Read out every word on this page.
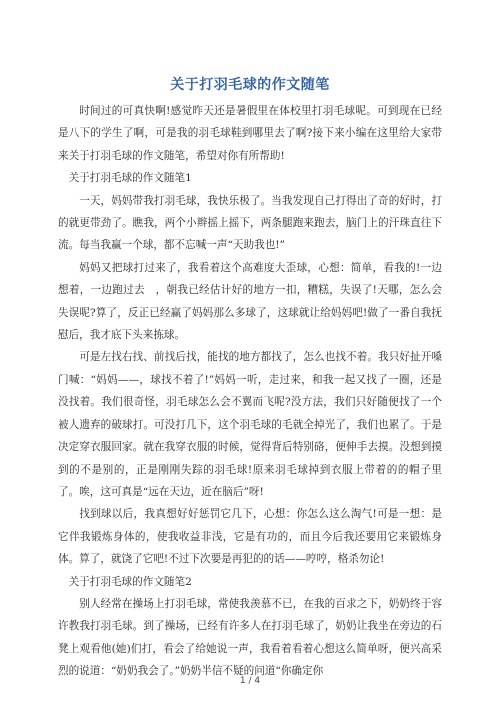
关于打羽毛球的作文随笔

时间过的可真快啊!感觉昨天还是暑假里在体校里打羽毛球呢。可到现在已经是八下的学生了啊，可是我的羽毛球鞋到哪里去了啊?接下来小编在这里给大家带来关于打羽毛球的作文随笔，希望对你有所帮助!

关于打羽毛球的作文随笔1

一天，妈妈带我打羽毛球，我快乐极了。当我发现自己打得出了奇的好时，打的就更带劲了。瞧我，两个小辫摇上摇下，两条腿跑来跑去，脑门上的汗珠直往下流。每当我赢一个球，都不忘喊一声“天助我也!”

妈妈又把球打过来了，我看着这个高难度大歪球，心想：简单，看我的!一边想着，一边跑过去　，朝我已经估计好的地方一扣，糟糕，失误了!天哪，怎么会失误呢?算了，反正已经赢了妈妈那么多球了，这球就让给妈妈吧!做了一番自我抚慰后，我才底下头来拣球。

可是左找右找、前找后找，能找的地方都找了，怎么也找不着。我只好扯开嗓门喊：“妈妈——，球找不着了!”妈妈一听，走过来，和我一起又找了一圈，还是没找着。我们很奇怪，羽毛球怎么会不翼而飞呢?没方法，我们只好随便找了一个被人遗弃的破球打。可没打几下，这个羽毛球的毛就全掉光了，我们也累了。于是决定穿衣服回家。就在我穿衣服的时候，觉得背后特别硌，便伸手去摸。没想到摸到的不是别的，正是刚刚失踪的羽毛球!原来羽毛球掉到衣服上带着的的帽子里了。唉，这可真是“远在天边，近在脑后”呀!

找到球以后，我真想好好惩罚它几下，心想：你怎么这么淘气!可是一想：是它伴我锻炼身体的，使我收益非浅，它是有功的，而且今后我还要用它来锻炼身体。算了，就饶了它吧!不过下次要是再犯的的话——哼哼，格杀勿论!

关于打羽毛球的作文随笔2

别人经常在操场上打羽毛球，常使我羡慕不已，在我的百求之下，奶奶终于容许教我打羽毛球。到了操场，已经有许多人在打羽毛球了，奶奶让我坐在旁边的石凳上观看他(她)们打，看会了给她说一声，我看着看着心想这么简单呀，便兴高采烈的说道：“奶奶我会了。”奶奶半信不疑的问道“你确定你

1 / 4
